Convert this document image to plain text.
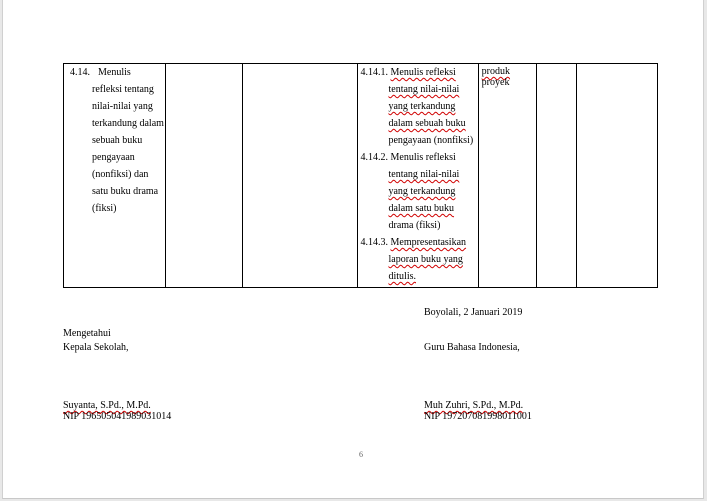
4.14. Menulis
refleksi tentang
nilai-nilai yang
terkandung dalam
sebuah buku
pengayaan
(nonfiksi) dan
satu buku drama
(fiksi)

4.14.1. Menulis refleksi
tentang nilai-nilai
yang terkandung
dalam sebuah buku
pengayaan (nonfiksi)
4.14.2. Menulis refleksi
tentang nilai-nilai
yang terkandung
dalam satu buku
drama (fiksi)
4.14.3. Mempresentasikan
laporan buku yang
ditulis.

produk
proyek

Boyolali, 2 Januari 2019
Mengetahui
Kepala Sekolah,	Guru Bahasa Indonesia,
Suyanta, S.Pd., M.Pd.
NIP 196505041989031014
Muh Zuhri, S.Pd., M.Pd.
NIP 197207081998011001
6
